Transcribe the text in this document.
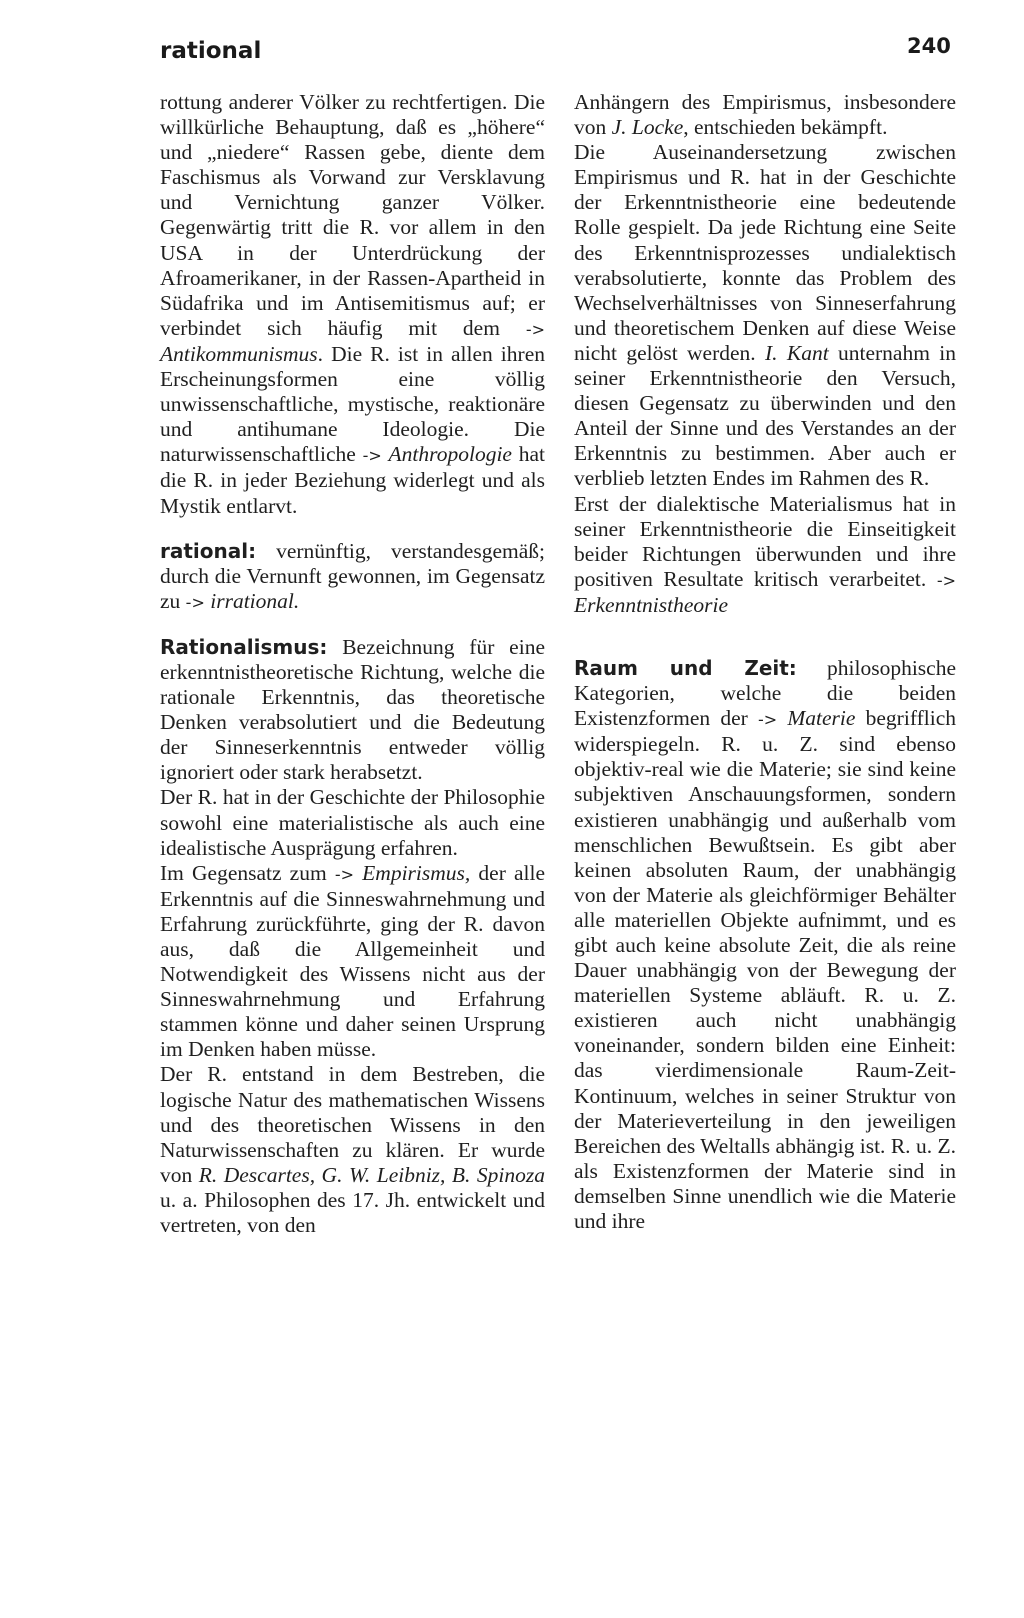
rational	240

rottung anderer Völker zu rechtfertigen. Die willkürliche Behauptung, daß es „höhere“ und „niedere“ Rassen gebe, diente dem Faschismus als Vorwand zur Versklavung und Vernichtung ganzer Völker. Gegenwärtig tritt die R. vor allem in den USA in der Unterdrückung der Afroamerikaner, in der Rassen-Apartheid in Südafrika und im Antisemitismus auf; er verbindet sich häufig mit dem -> Antikommunismus. Die R. ist in allen ihren Erscheinungsformen eine völlig unwissenschaftliche, mystische, reaktionäre und antihumane Ideologie. Die naturwissenschaftliche -> Anthropologie hat die R. in jeder Beziehung widerlegt und als Mystik entlarvt.

rational: vernünftig, verstandesgemäß; durch die Vernunft gewonnen, im Gegensatz zu -> irrational.

Rationalismus: Bezeichnung für eine erkenntnistheoretische Richtung, welche die rationale Erkenntnis, das theoretische Denken verabsolutiert und die Bedeutung der Sinneserkenntnis entweder völlig ignoriert oder stark herabsetzt.

Der R. hat in der Geschichte der Philosophie sowohl eine materialistische als auch eine idealistische Ausprägung erfahren.

Im Gegensatz zum -> Empirismus, der alle Erkenntnis auf die Sinneswahrnehmung und Erfahrung zurückführte, ging der R. davon aus, daß die Allgemeinheit und Notwendigkeit des Wissens nicht aus der Sinneswahrnehmung und Erfahrung stammen könne und daher seinen Ursprung im Denken haben müsse.

Der R. entstand in dem Bestreben, die logische Natur des mathematischen Wissens und des theoretischen Wissens in den Naturwissenschaften zu klären. Er wurde von R. Descartes, G. W. Leibniz, B. Spinoza u. a. Philosophen des 17. Jh. entwickelt und vertreten, von den

Anhängern des Empirismus, insbesondere von J. Locke, entschieden bekämpft.

Die Auseinandersetzung zwischen Empirismus und R. hat in der Geschichte der Erkenntnistheorie eine bedeutende Rolle gespielt. Da jede Richtung eine Seite des Erkenntnisprozesses undialektisch verabsolutierte, konnte das Problem des Wechselverhältnisses von Sinneserfahrung und theoretischem Denken auf diese Weise nicht gelöst werden. I. Kant unternahm in seiner Erkenntnistheorie den Versuch, diesen Gegensatz zu überwinden und den Anteil der Sinne und des Verstandes an der Erkenntnis zu bestimmen. Aber auch er verblieb letzten Endes im Rahmen des R.

Erst der dialektische Materialismus hat in seiner Erkenntnistheorie die Einseitigkeit beider Richtungen überwunden und ihre positiven Resultate kritisch verarbeitet. -> Erkenntnistheorie

Raum und Zeit: philosophische Kategorien, welche die beiden Existenzformen der -> Materie begrifflich widerspiegeln. R. u. Z. sind ebenso objektiv-real wie die Materie; sie sind keine subjektiven Anschauungsformen, sondern existieren unabhängig und außerhalb vom menschlichen Bewußtsein. Es gibt aber keinen absoluten Raum, der unabhängig von der Materie als gleichförmiger Behälter alle materiellen Objekte aufnimmt, und es gibt auch keine absolute Zeit, die als reine Dauer unabhängig von der Bewegung der materiellen Systeme abläuft. R. u. Z. existieren auch nicht unabhängig voneinander, sondern bilden eine Einheit: das vierdimensionale Raum-Zeit-Kontinuum, welches in seiner Struktur von der Materieverteilung in den jeweiligen Bereichen des Weltalls abhängig ist. R. u. Z. als Existenzformen der Materie sind in demselben Sinne unendlich wie die Materie und ihre
